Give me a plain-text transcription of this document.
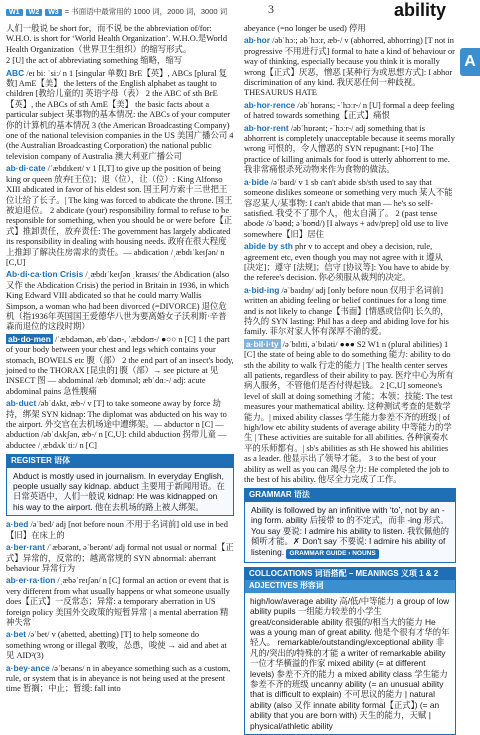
W1 W2 W3 = 书面语中最常用的 1000 词，2000 词，3000 词	3	ability
A

人们一般说 be short for，而不说 be the abbreviation of/for: W.H.O. is short for ‘World Health Organization’. W.H.O.是World Health Organization（世界卫生组织）的缩写形式。

2 [U] the act of abbreviating something 缩略，缩写

ABC /eɪ biː ˈsiː/ n 1 [singular 单数] BrE【英】, ABCs [plural 复数] AmE【美】 the letters of the English alphabet as taught to children [教给儿童的] 英语字母（表） 2 the ABC of sth BrE【英】, the ABCs of sth AmE【美】 the basic facts about a particular subject 某事物的基本情况: the ABCs of your computer 你的计算机的基本情况 3 (the American Broadcasting Company) one of the national television companies in the US 美国广播公司 4 (the Australian Broadcasting Corporation) the national public television company of Australia 澳大利亚广播公司

ab·di·cate /ˈæbdɪkeɪt/ v 1 [I,T] to give up the position of being king or queen 放弃[王位]；退（位），让（位）: King Alfonso XIII abdicated in favor of his eldest son. 国王阿方索十三世把王位让给了长子。| The king was forced to abdicate the throne. 国王被迫退位。 2 abdicate (your) responsibility formal to refuse to be responsible for something, when you should be or were before【正式】推卸责任，放弃责任: The government has largely abdicated its responsibility in dealing with housing needs. 政府在很大程度上推卸了解决住房需求的责任。— abdication /ˌæbdɪˈkeɪʃən/ n [C,U]

Ab·di·ca·tion Crisis /ˌæbdɪˈkeɪʃən ˌkraɪsɪs/ the Abdication (also 又作 the Abdication Crisis) the period in Britain in 1936, in which King Edward VIII abdicated so that he could marry Wallis Simpson, a woman who had been divorced (=DIVORCE) 退位危机（指1936年英国国王爱德华八世为要离婚女子沃利斯·辛普森而退位的这段时期）

ab·do·men /ˈæbdəmən, æbˈdəʊ-, ˈæbdoʊ-/ ●○○ n [C] 1 the part of your body between your chest and legs which contains your stomach, BOWELS etc 腹（部） 2 the end part of an insect's body, joined to the THORAX [昆虫的] 腹（部）→ see picture at 见 INSECT 图 — abdominal /æbˈdɒmɪnəl; æbˈdɑː-/ adj: acute abdominal pains 急性腹痛

ab·duct /əbˈdʌkt, æb-/ v [T] to take someone away by force 劫持，绑架 SYN kidnap: The diplomat was abducted on his way to the airport. 外交官在去机场途中遭绑架。— abductor n [C] — abduction /əbˈdʌkʃən, æb-/ n [C,U]: child abduction 拐带儿童 — abductee /ˌæbdʌkˈtiː/ n [C]

REGISTER 语体
Abduct is mostly used in journalism. In everyday English, people usually say kidnap. abduct 主要用于新闻用语。在日常英语中，人们一般说 kidnap: He was kidnapped on his way to the airport. 他在去机场的路上被人绑架。

a·bed /əˈbed/ adj [not before noun 不用于名词前] old use in bed【旧】在床上的

a·ber·rant /ˈæbərənt, əˈberənt/ adj formal not usual or normal【正式】异常的，反常的；越离常规的 SYN abnormal: aberrant behaviour 异常行为

ab·er·ra·tion /ˌæbəˈreɪʃən/ n [C] formal an action or event that is very different from what usually happens or what someone usually does【正式】一反常态；异常: a temporary aberration in US foreign policy 美国外交政策的短暂异常 | a mental aberration 精神失常

a·bet /əˈbet/ v (abetted, abetting) [T] to help someone do something wrong or illegal 教唆，怂恿，唆使 → aid and abet at 见 AID²(3)

a·bey·ance /əˈbeɪəns/ n in abeyance something such as a custom, rule, or system that is in abeyance is not being used at the present time 暂搁；中止；暂缓: fall into

abeyance (=no longer be used) 停用

ab·hor /əbˈhɔː; əbˈhɔːr, æb-/ v (abhorred, abhorring) [T not in progressive 不用进行式] formal to hate a kind of behaviour or way of thinking, especially because you think it is morally wrong【正式】厌恶，憎恶 [某种行为或思想方式]: I abhor discrimination of any kind. 我厌恶任何一种歧视。 THESAURUS HATE

ab·hor·rence /əbˈhɒrəns; -ˈhɔːr-/ n [U] formal a deep feeling of hatred towards something【正式】痛恨

ab·hor·rent /əbˈhɒrənt; -ˈhɔːr-/ adj something that is abhorrent is completely unacceptable because it seems morally wrong 可恨的，令人憎恶的 SYN repugnant: [+to] The practice of killing animals for food is utterly abhorrent to me. 我非常痛恨杀死动物来作为食物的做法。

a·bide /əˈbaɪd/ v 1 sb can't abide sb/sth used to say that someone dislikes someone or something very much 某人不能容忍某人/某事物: I can't abide that man — he's so self-satisfied. 我受不了那个人，他太自满了。 2 (past tense abode /əˈbəʊd; əˈboʊd/) [I always + adv/prep] old use to live somewhere【旧】居住

abide by sth phr v to accept and obey a decision, rule, agreement etc, even though you may not agree with it 遵从 [决定]；遵守 [法规]；信守 [协议等]: You have to abide by the referee's decision. 你必须服从裁判的决定。

a·bid·ing /əˈbaɪdɪŋ/ adj [only before noun 仅用于名词前] written an abiding feeling or belief continues for a long time and is not likely to change【书面】[情感或信仰] 长久的，持久的 SYN lasting: Phil has a deep and abiding love for his family. 菲尔对家人怀有深厚不渝的爱。

a·bil·i·ty /əˈbɪlɪti, əˈbɪləti/ ●●● S2 W1 n (plural abilities) 1 [C] the state of being able to do something 能力: ability to do sth the ability to walk 行走的能力 | The health center serves all patients, regardless of their ability to pay. 医疗中心为所有病人服务，不管他们是否付得起钱。 2 [C,U] someone's level of skill at doing something 才能；本领；技能: The test measures your mathematical ability. 这种测试考查的是数学能力。| mixed ability classes 学生能力参差不齐的班级 | of high/low etc ability students of average ability 中等能力的学生 | These activities are suitable for all abilities. 各种演奏水平的乐师都有。| sb's abilities as sth He showed his abilities as a leader. 他显示出了领导才能。 3 to the best of your ability as well as you can 竭尽全力: He completed the job to the best of his ability. 他尽全力完成了工作。

GRAMMAR 语法
Ability is followed by an infinitive with ‘to’, not by an -ing form. ability 后接带 to 的不定式，而非 -ing 形式。You say 要说: I admire his ability to listen. 我钦佩他的倾听才能。✗ Don't say 不要说: I admire his ability of listening. GRAMMAR GUIDE › NOUNS
COLLOCATIONS 词语搭配 – MEANINGS 义项 1 & 2
ADJECTIVES 形容词
high/low/average ability 高/低/中等能力 a group of low ability pupils 一组能力较差的小学生 great/considerable ability 很强的/相当大的能力 He was a young man of great ability. 他是个很有才华的年轻人。 remarkable/outstanding/exceptional ability 非凡的/突出的/特殊的才能 a writer of remarkable ability 一位才华横溢的作家 mixed ability (= at different levels) 参差不齐的能力 a mixed ability class 学生能力参差不齐的班级 uncanny ability (= an unusual ability that is difficult to explain) 不可思议的能力 | natural ability (also 又作 innate ability formal【正式】) (= an ability that you are born with) 天生的能力，天赋 | physical/athletic ability
